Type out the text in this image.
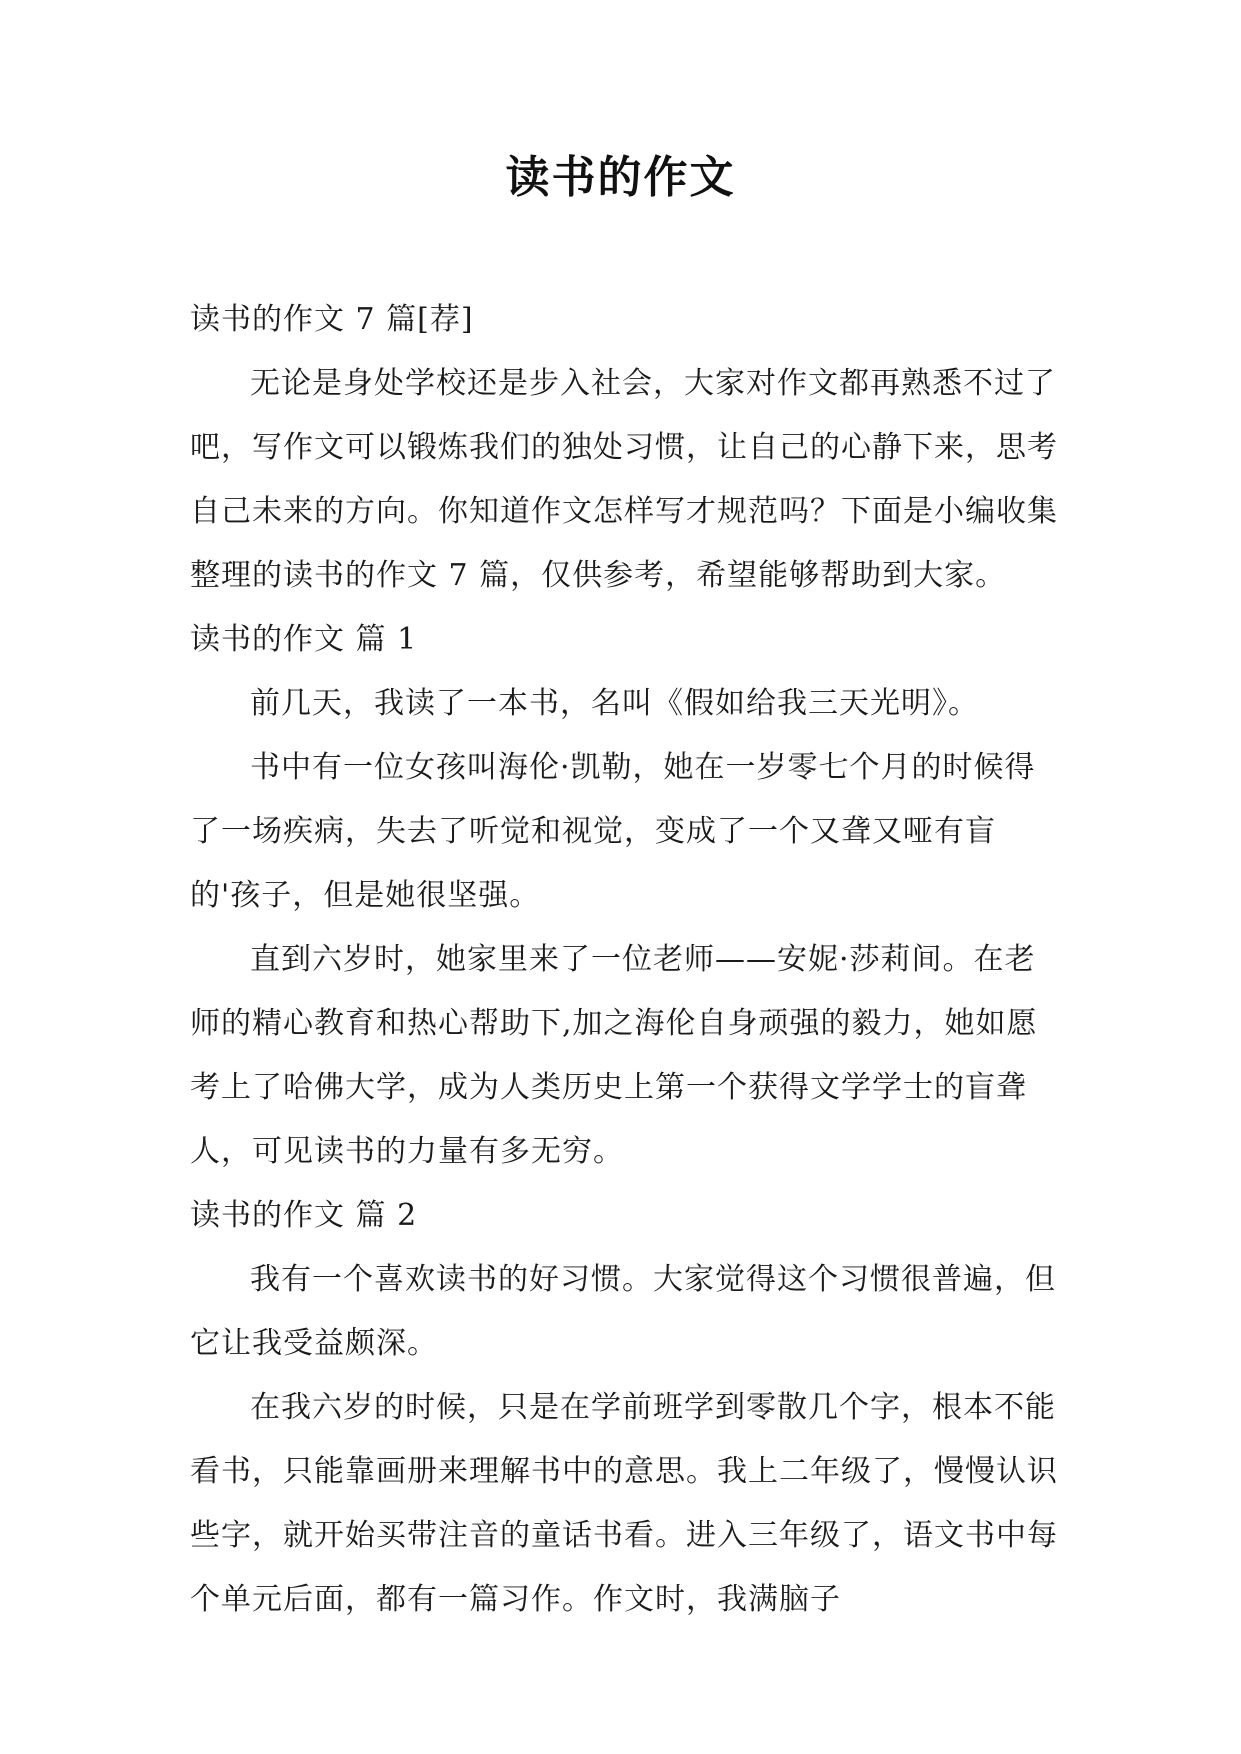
读书的作文

读书的作文 7 篇[荐]

无论是身处学校还是步入社会，大家对作文都再熟悉不过了吧，写作文可以锻炼我们的独处习惯，让自己的心静下来，思考自己未来的方向。你知道作文怎样写才规范吗？下面是小编收集整理的读书的作文 7 篇，仅供参考，希望能够帮助到大家。

读书的作文 篇 1

前几天，我读了一本书，名叫《假如给我三天光明》。

书中有一位女孩叫海伦·凯勒，她在一岁零七个月的时候得了一场疾病，失去了听觉和视觉，变成了一个又聋又哑有盲的'孩子，但是她很坚强。

直到六岁时，她家里来了一位老师——安妮·莎莉间。在老师的精心教育和热心帮助下,加之海伦自身顽强的毅力，她如愿考上了哈佛大学，成为人类历史上第一个获得文学学士的盲聋人，可见读书的力量有多无穷。

读书的作文 篇 2

我有一个喜欢读书的好习惯。大家觉得这个习惯很普遍，但它让我受益颇深。

在我六岁的时候，只是在学前班学到零散几个字，根本不能看书，只能靠画册来理解书中的意思。我上二年级了，慢慢认识些字，就开始买带注音的童话书看。进入三年级了，语文书中每个单元后面，都有一篇习作。作文时，我满脑子
